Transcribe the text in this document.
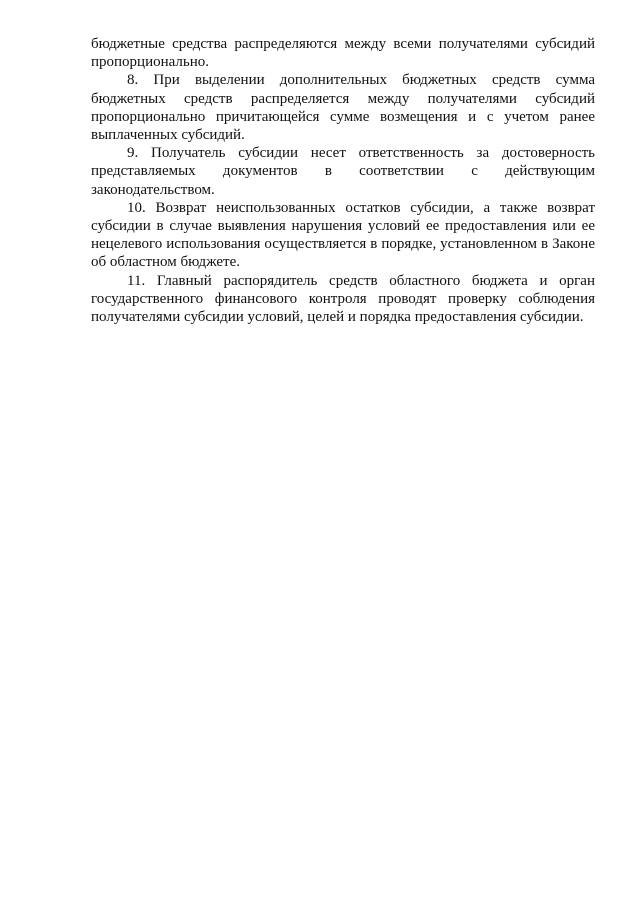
бюджетные средства распределяются между всеми получателями субсидий пропорционально.

8. При выделении дополнительных бюджетных средств сумма бюджетных средств распределяется между получателями субсидий пропорционально причитающейся сумме возмещения и с учетом ранее выплаченных субсидий.

9. Получатель субсидии несет ответственность за достоверность представляемых документов в соответствии с действующим законодательством.

10. Возврат неиспользованных остатков субсидии, а также возврат субсидии в случае выявления нарушения условий ее предоставления или ее нецелевого использования осуществляется в порядке, установленном в Законе об областном бюджете.

11. Главный распорядитель средств областного бюджета и орган государственного финансового контроля проводят проверку соблюдения получателями субсидии условий, целей и порядка предоставления субсидии.
